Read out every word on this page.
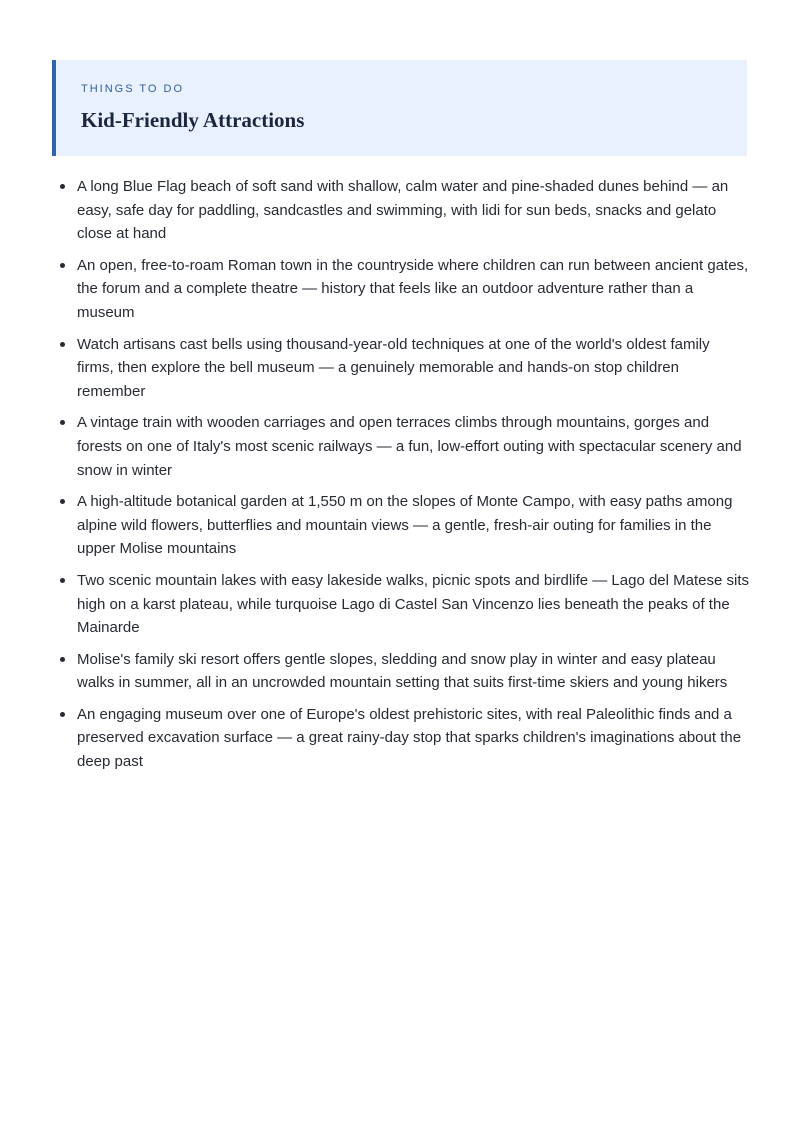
THINGS TO DO
Kid-Friendly Attractions
A long Blue Flag beach of soft sand with shallow, calm water and pine-shaded dunes behind — an easy, safe day for paddling, sandcastles and swimming, with lidi for sun beds, snacks and gelato close at hand
An open, free-to-roam Roman town in the countryside where children can run between ancient gates, the forum and a complete theatre — history that feels like an outdoor adventure rather than a museum
Watch artisans cast bells using thousand-year-old techniques at one of the world's oldest family firms, then explore the bell museum — a genuinely memorable and hands-on stop children remember
A vintage train with wooden carriages and open terraces climbs through mountains, gorges and forests on one of Italy's most scenic railways — a fun, low-effort outing with spectacular scenery and snow in winter
A high-altitude botanical garden at 1,550 m on the slopes of Monte Campo, with easy paths among alpine wild flowers, butterflies and mountain views — a gentle, fresh-air outing for families in the upper Molise mountains
Two scenic mountain lakes with easy lakeside walks, picnic spots and birdlife — Lago del Matese sits high on a karst plateau, while turquoise Lago di Castel San Vincenzo lies beneath the peaks of the Mainarde
Molise's family ski resort offers gentle slopes, sledding and snow play in winter and easy plateau walks in summer, all in an uncrowded mountain setting that suits first-time skiers and young hikers
An engaging museum over one of Europe's oldest prehistoric sites, with real Paleolithic finds and a preserved excavation surface — a great rainy-day stop that sparks children's imaginations about the deep past
